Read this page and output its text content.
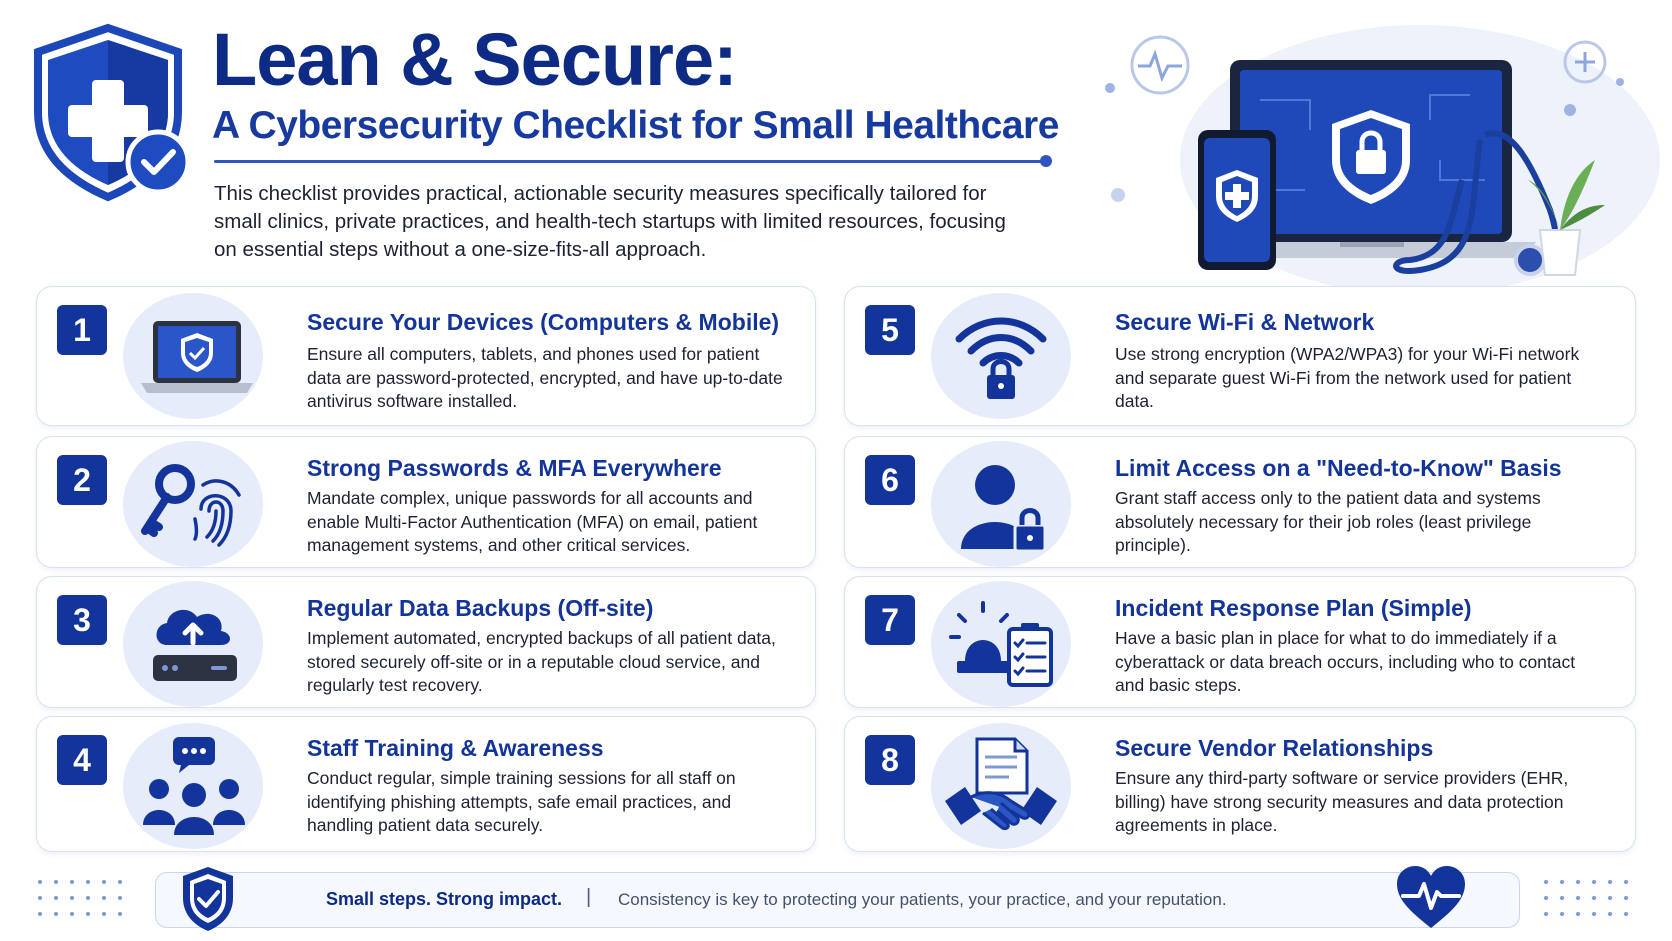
Lean & Secure:
A Cybersecurity Checklist for Small Healthcare
This checklist provides practical, actionable security measures specifically tailored for small clinics, private practices, and health-tech startups with limited resources, focusing on essential steps without a one-size-fits-all approach.
1	Secure Your Devices (Computers & Mobile)
Ensure all computers, tablets, and phones used for patient data are password-protected, encrypted, and have up-to-date antivirus software installed.
2	Strong Passwords & MFA Everywhere
Mandate complex, unique passwords for all accounts and enable Multi-Factor Authentication (MFA) on email, patient management systems, and other critical services.
3	Regular Data Backups (Off-site)
Implement automated, encrypted backups of all patient data, stored securely off-site or in a reputable cloud service, and regularly test recovery.
4	Staff Training & Awareness
Conduct regular, simple training sessions for all staff on identifying phishing attempts, safe email practices, and handling patient data securely.
5	Secure Wi-Fi & Network
Use strong encryption (WPA2/WPA3) for your Wi-Fi network and separate guest Wi-Fi from the network used for patient data.
6	Limit Access on a "Need-to-Know" Basis
Grant staff access only to the patient data and systems absolutely necessary for their job roles (least privilege principle).
7	Incident Response Plan (Simple)
Have a basic plan in place for what to do immediately if a cyberattack or data breach occurs, including who to contact and basic steps.
8	Secure Vendor Relationships
Ensure any third-party software or service providers (EHR, billing) have strong security measures and data protection agreements in place.
Small steps. Strong impact. | Consistency is key to protecting your patients, your practice, and your reputation.
